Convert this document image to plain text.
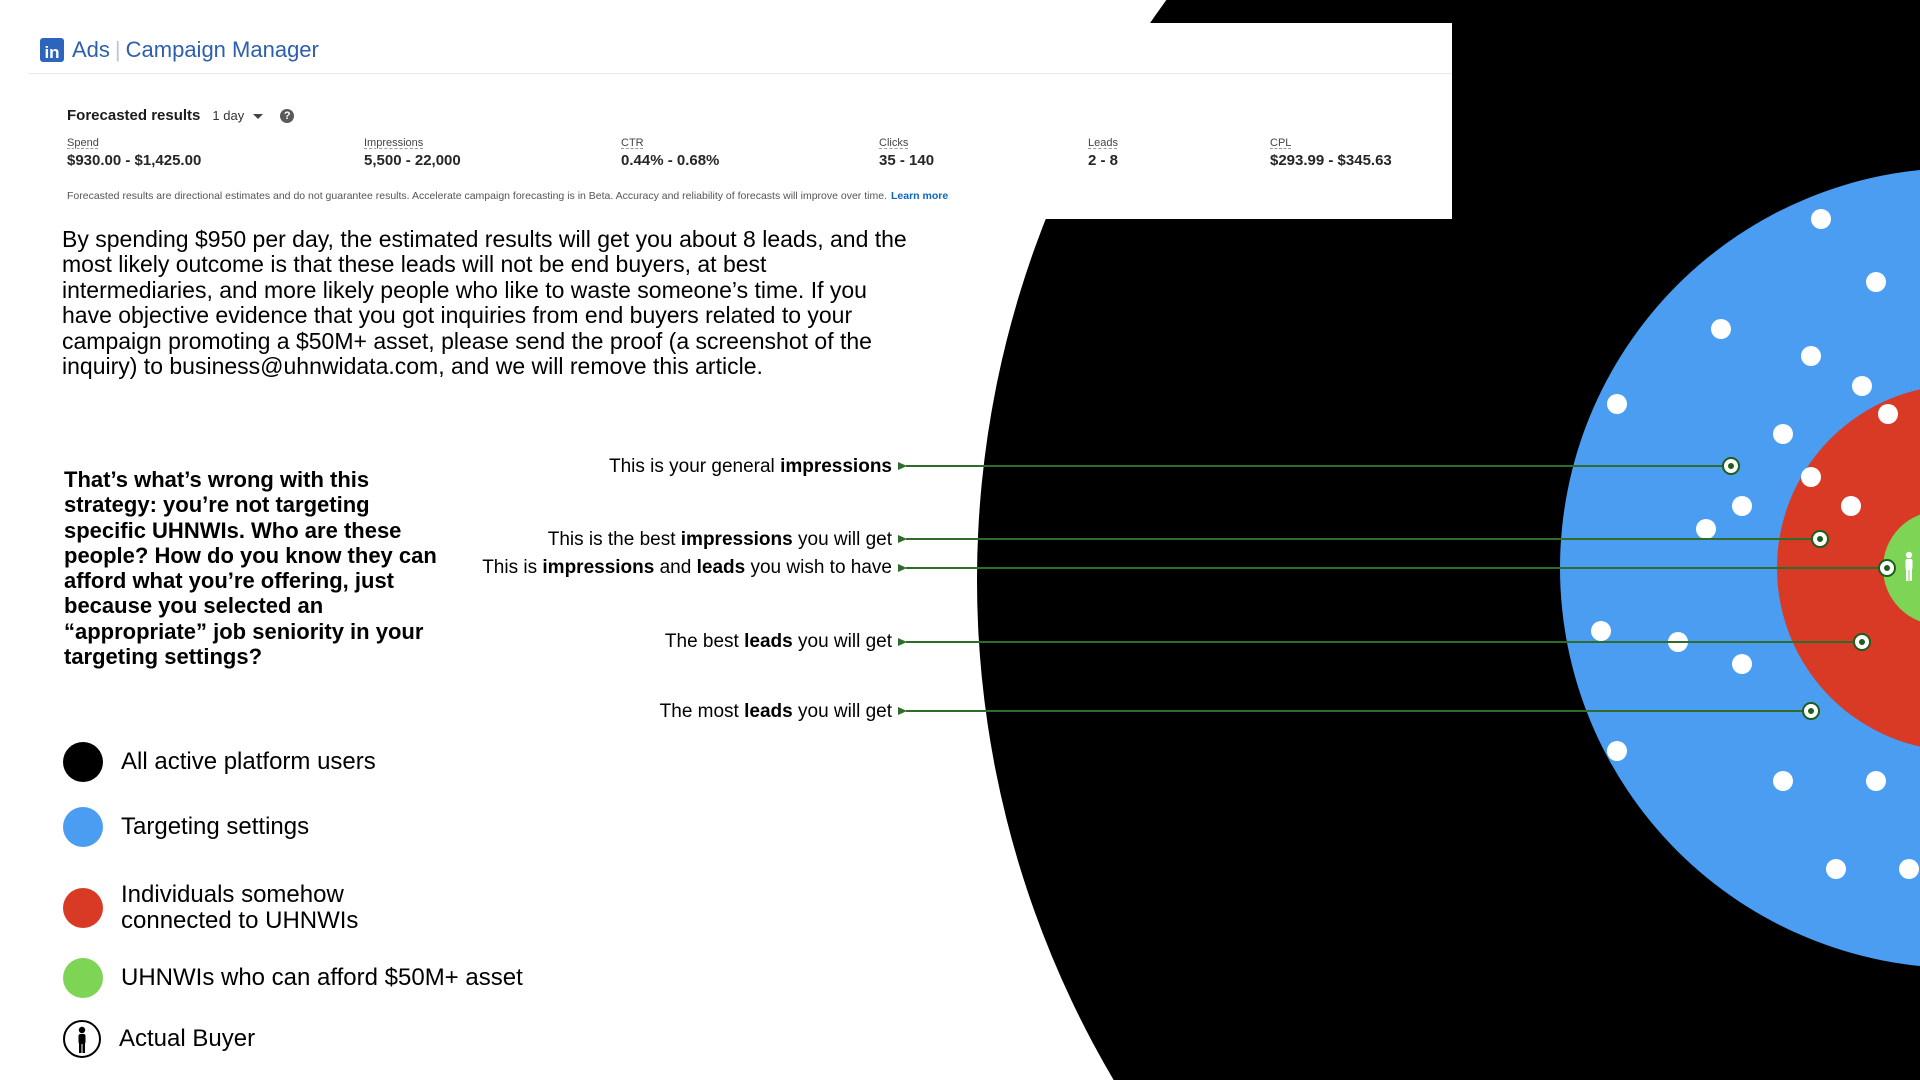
in Ads | Campaign Manager
Forecasted results 1 day	?
Spend
$930.00 - $1,425.00
Impressions
5,500 - 22,000
CTR
0.44% - 0.68%
Clicks
35 - 140
Leads
2 - 8
CPL
$293.99 - $345.63
Forecasted results are directional estimates and do not guarantee results. Accelerate campaign forecasting is in Beta. Accuracy and reliability of forecasts will improve over time. Learn more
By spending $950 per day, the estimated results will get you about 8 leads, and the most likely outcome is that these leads will not be end buyers, at best intermediaries, and more likely people who like to waste someone’s time. If you have objective evidence that you got inquiries from end buyers related to your campaign promoting a $50M+ asset, please send the proof (a screenshot of the inquiry) to business@uhnwidata.com, and we will remove this article.
That’s what’s wrong with this strategy: you’re not targeting specific UHNWIs. Who are these people? How do you know they can afford what you’re offering, just because you selected an “appropriate” job seniority in your targeting settings?
This is your general impressions
This is the best impressions you will get
This is impressions and leads you wish to have
The best leads you will get
The most leads you will get
All active platform users
Targeting settings
Individuals somehow connected to UHNWIs
UHNWIs who can afford $50M+ asset
Actual Buyer
